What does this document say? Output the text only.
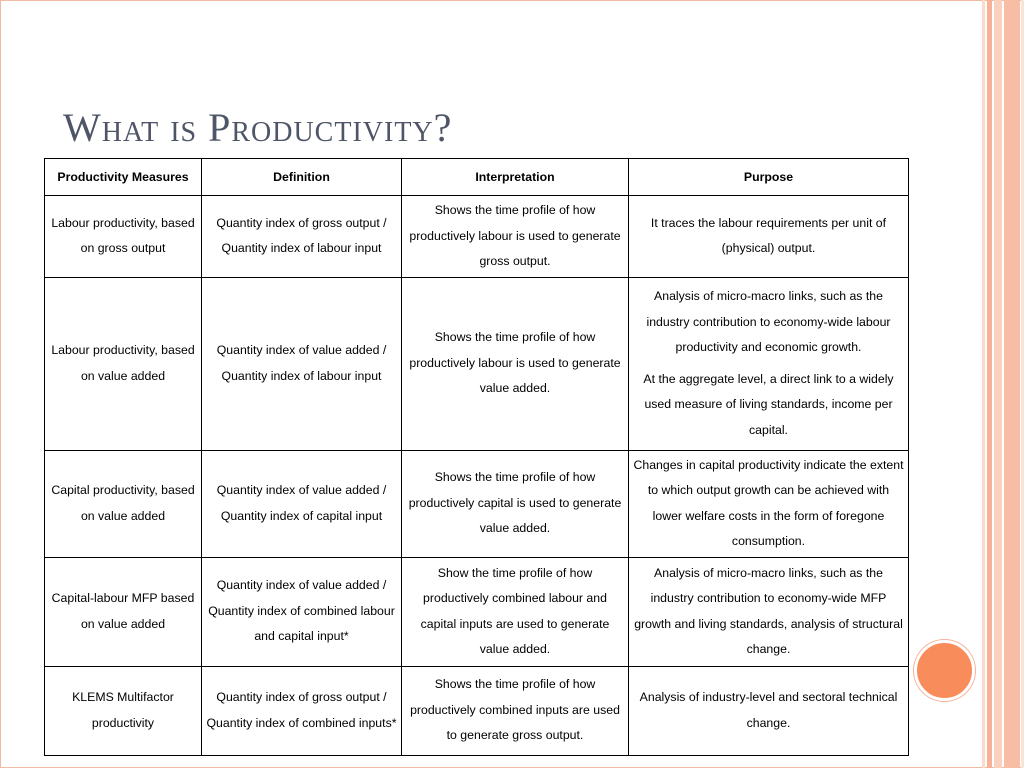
What is Productivity?
Productivity Measures	Definition	Interpretation	Purpose
Labour productivity, based on gross output	Quantity index of gross output / Quantity index of labour input	Shows the time profile of how productively labour is used to generate gross output.	It traces the labour requirements per unit of (physical) output.

Labour productivity, based on value added	Quantity index of value added / Quantity index of labour input	Shows the time profile of how productively labour is used to generate value added.	Analysis of micro-macro links, such as the industry contribution to economy-wide labour productivity and economic growth.

At the aggregate level, a direct link to a widely used measure of living standards, income per capital.

Capital productivity, based on value added	Quantity index of value added / Quantity index of capital input	Shows the time profile of how productively capital is used to generate value added.	Changes in capital productivity indicate the extent to which output growth can be achieved with lower welfare costs in the form of foregone consumption.

Capital-labour MFP based on value added	Quantity index of value added / Quantity index of combined labour and capital input*	Show the time profile of how productively combined labour and capital inputs are used to generate value added.	Analysis of micro-macro links, such as the industry contribution to economy-wide MFP growth and living standards, analysis of structural change.

KLEMS Multifactor productivity	Quantity index of gross output / Quantity index of combined inputs*	Shows the time profile of how productively combined inputs are used to generate gross output.	Analysis of industry-level and sectoral technical change.
